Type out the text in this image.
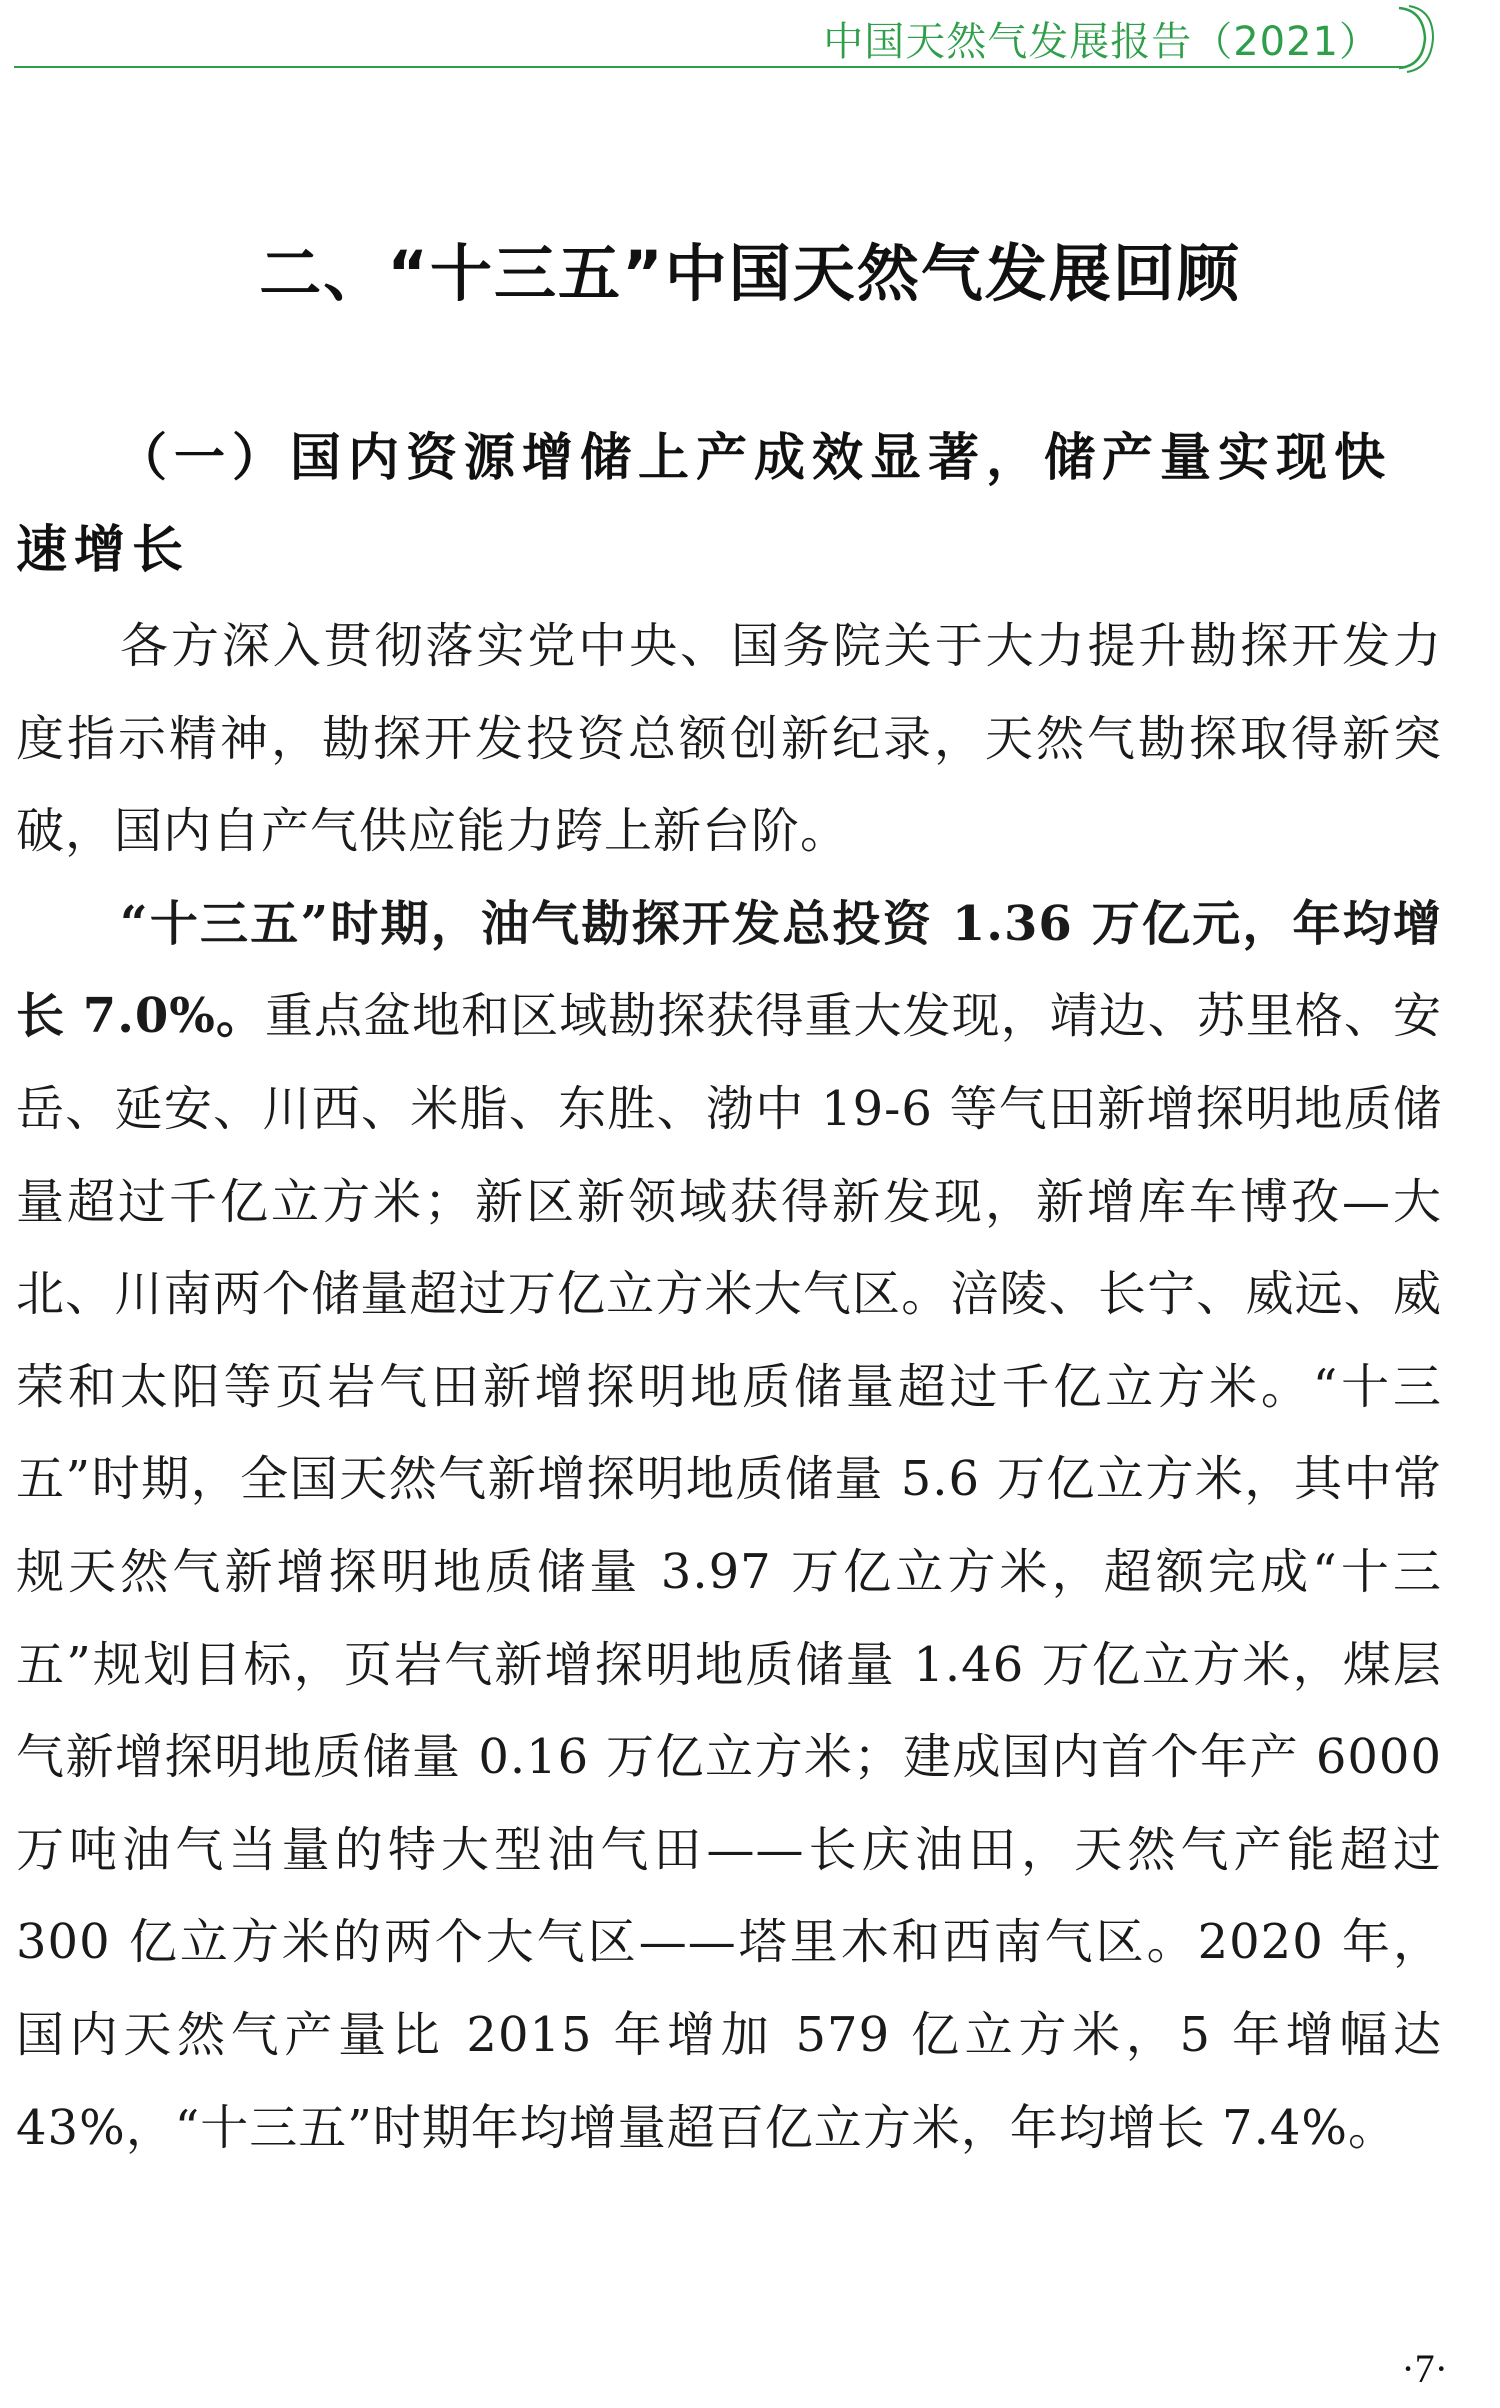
中国天然气发展报告（2021）
二、“十三五”中国天然气发展回顾
（一）国内资源增储上产成效显著，储产量实现快速增长

各方深入贯彻落实党中央、国务院关于大力提升勘探开发力度指示精神，勘探开发投资总额创新纪录，天然气勘探取得新突破，国内自产气供应能力跨上新台阶。

“十三五”时期，油气勘探开发总投资 1.36 万亿元，年均增长 7.0%。重点盆地和区域勘探获得重大发现，靖边、苏里格、安岳、延安、川西、米脂、东胜、渤中 19-6 等气田新增探明地质储量超过千亿立方米；新区新领域获得新发现，新增库车博孜—大北、川南两个储量超过万亿立方米大气区。涪陵、长宁、威远、威荣和太阳等页岩气田新增探明地质储量超过千亿立方米。“十三五”时期，全国天然气新增探明地质储量 5.6 万亿立方米，其中常规天然气新增探明地质储量 3.97 万亿立方米，超额完成“十三五”规划目标，页岩气新增探明地质储量 1.46 万亿立方米，煤层气新增探明地质储量 0.16 万亿立方米；建成国内首个年产 6000 万吨油气当量的特大型油气田——长庆油田，天然气产能超过 300 亿立方米的两个大气区——塔里木和西南气区。2020 年，国内天然气产量比 2015 年增加 579 亿立方米，5 年增幅达 43%，“十三五”时期年均增量超百亿立方米，年均增长 7.4%。

·7·
